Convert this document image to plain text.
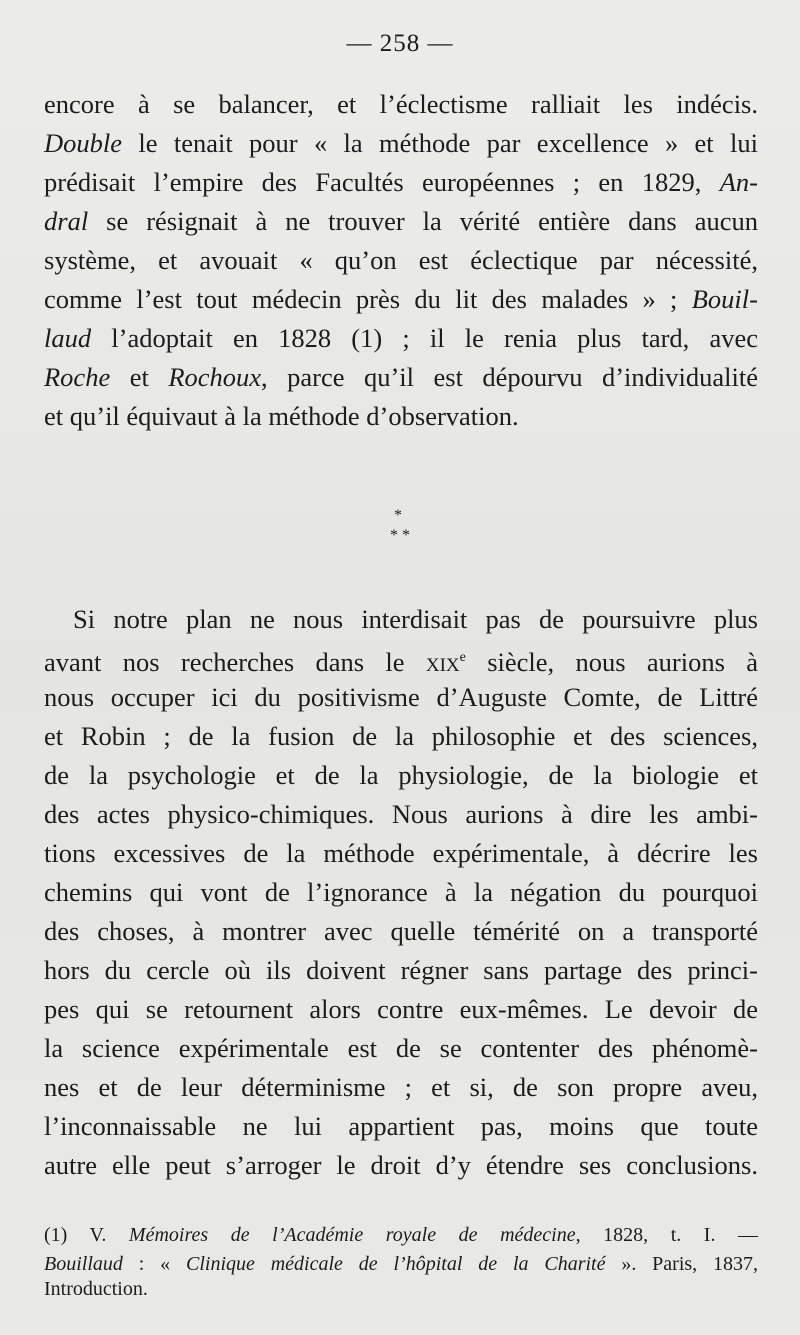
— 258 —
encore à se balancer, et l’éclectisme ralliait les indécis.
Double le tenait pour « la méthode par excellence » et lui
prédisait l’empire des Facultés européennes ; en 1829, An-
dral se résignait à ne trouver la vérité entière dans aucun
système, et avouait « qu’on est éclectique par nécessité,
comme l’est tout médecin près du lit des malades » ; Bouil-
laud l’adoptait en 1828 (1) ; il le renia plus tard, avec
Roche et Rochoux, parce qu’il est dépourvu d’individualité
et qu’il équivaut à la méthode d’observation.
*
* *
Si notre plan ne nous interdisait pas de poursuivre plus
avant nos recherches dans le xix$^e$ siècle, nous aurions à
nous occuper ici du positivisme d’Auguste Comte, de Littré
et Robin ; de la fusion de la philosophie et des sciences,
de la psychologie et de la physiologie, de la biologie et
des actes physico-chimiques. Nous aurions à dire les ambi-
tions excessives de la méthode expérimentale, à décrire les
chemins qui vont de l’ignorance à la négation du pourquoi
des choses, à montrer avec quelle témérité on a transporté
hors du cercle où ils doivent régner sans partage des princi-
pes qui se retournent alors contre eux-mêmes. Le devoir de
la science expérimentale est de se contenter des phénomè-
nes et de leur déterminisme ; et si, de son propre aveu,
l’inconnaissable ne lui appartient pas, moins que toute
autre elle peut s’arroger le droit d’y étendre ses conclusions.
(1) V. Mémoires de l’Académie royale de médecine, 1828, t. I. —
Bouillaud : « Clinique médicale de l’hôpital de la Charité ». Paris, 1837,
Introduction.
